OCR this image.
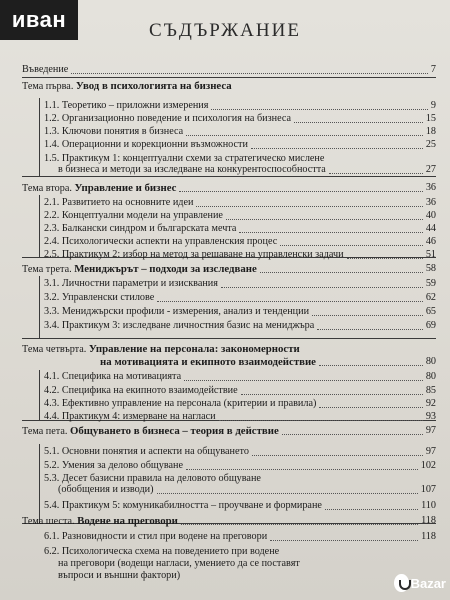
СЪДЪРЖАНИЕ
Въведение	7
Тема първа. Увод в психологията на бизнеса
1.1. Теоретико – приложни измерения	9
1.2. Организационно поведение и психология на бизнеса	15
1.3. Ключови понятия в бизнеса	18
1.4. Операционни и корекционни възможности	25
1.5. Практикум 1: концептуални схеми за стратегическо мислене
в бизнеса и методи за изследване на конкурентоспособността	27
Тема втора. Управление и бизнес	36
2.1. Развитието на основните идеи	36
2.2. Концептуални модели на управление	40
2.3. Балкански синдром и българската мечта	44
2.4. Психологически аспекти на управленския процес	46
2.5. Практикум 2: избор на метод за решаване на управленски задачи	51
Тема трета. Мениджърът – подходи за изследване	58
3.1. Личностни параметри и изисквания	59
3.2. Управленски стилове	62
3.3. Мениджърски профили - измерения, анализ и тенденции	65
3.4. Практикум 3: изследване личностния базис на мениджъра	69
Тема четвърта. Управление на персонала: закономерности
на мотивацията и екипното взаимодействие	80
4.1. Специфика на мотивацията	80
4.2. Специфика на екипното взаимодействие	85
4.3. Ефективно управление на персонала (критерии и правила)	92
4.4. Практикум 4: измерване на нагласи	93
Тема пета. Общуването в бизнеса – теория в действие	97
5.1. Основни понятия и аспекти на общуването	97
5.2. Умения за делово общуване	102
5.3. Десет базисни правила на деловото общуване
(обобщения и изводи)	107
5.4. Практикум 5: комуникабилността – проучване и формиране	110
Тема шеста. Водене на преговори	118
6.1. Разновидности и стил при водене на преговори	118
6.2. Психологическа схема на поведението при водене
на преговори (водещи нагласи, умението да се поставят
въпроси и външни фактори)
иван
Bazar
